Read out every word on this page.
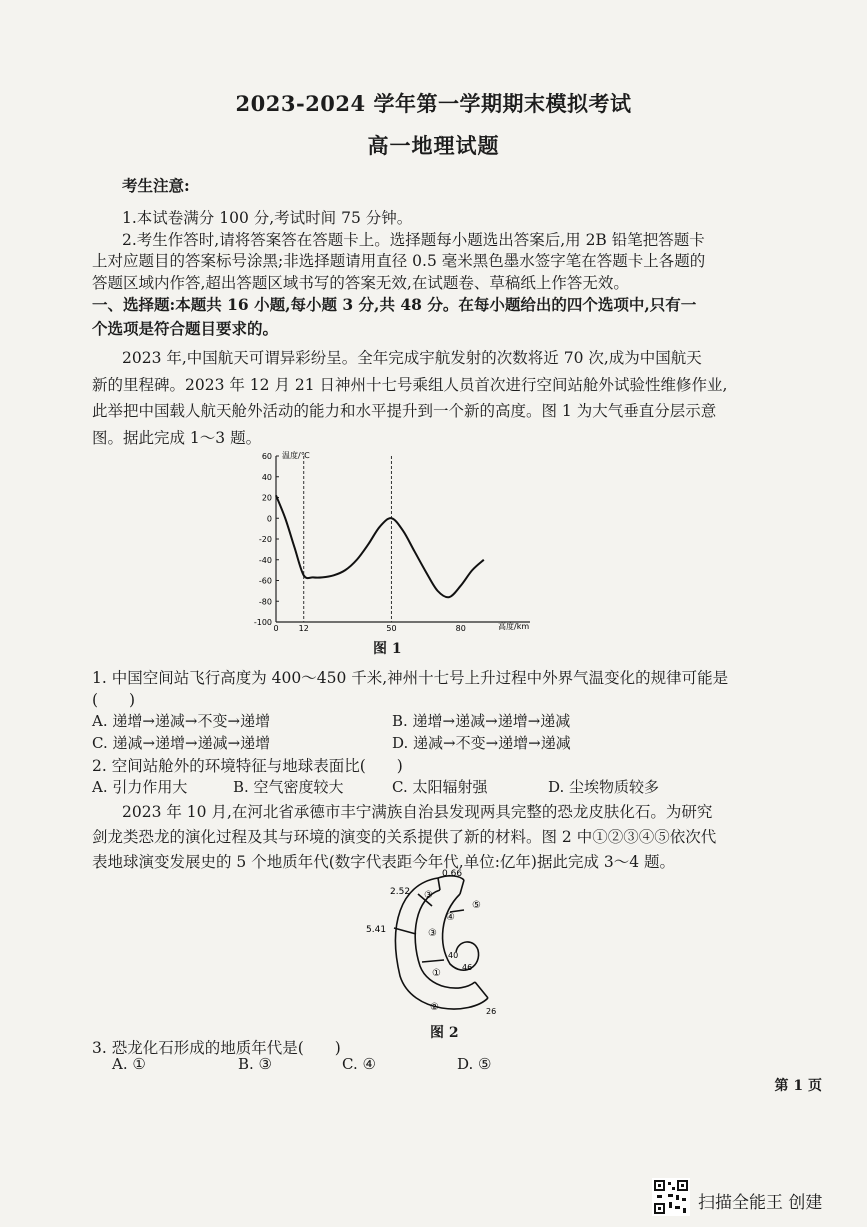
2023-2024 学年第一学期期末模拟考试
高一地理试题
考生注意:
1.本试卷满分 100 分,考试时间 75 分钟。
2.考生作答时,请将答案答在答题卡上。选择题每小题选出答案后,用 2B 铅笔把答题卡
上对应题目的答案标号涂黑;非选择题请用直径 0.5 毫米黑色墨水签字笔在答题卡上各题的
答题区域内作答,超出答题区域书写的答案无效,在试题卷、草稿纸上作答无效。
一、选择题:本题共 16 小题,每小题 3 分,共 48 分。在每小题给出的四个选项中,只有一
个选项是符合题目要求的。
2023 年,中国航天可谓异彩纷呈。全年完成宇航发射的次数将近 70 次,成为中国航天
新的里程碑。2023 年 12 月 21 日神州十七号乘组人员首次进行空间站舱外试验性维修作业,
此举把中国载人航天舱外活动的能力和水平提升到一个新的高度。图 1 为大气垂直分层示意
图。据此完成 1～3 题。
60
40
20
0
-20
-40
-60
-80
-100
0	12	50	80
温度/℃
高度/km
图 1
1. 中国空间站飞行高度为 400～450 千米,神州十七号上升过程中外界气温变化的规律可能是
(　　)
A. 递增→递减→不变→递增	B. 递增→递减→递增→递减
C. 递减→递增→递减→递增	D. 递减→不变→递增→递减
2. 空间站舱外的环境特征与地球表面比(　　)
A. 引力作用大	B. 空气密度较大	C. 太阳辐射强	D. 尘埃物质较多
2023 年 10 月,在河北省承德市丰宁满族自治县发现两具完整的恐龙皮肤化石。为研究
剑龙类恐龙的演化过程及其与环境的演变的关系提供了新的材料。图 2 中①②③④⑤依次代
表地球演变发展史的 5 个地质年代(数字代表距今年代,单位:亿年)据此完成 3～4 题。
0.66
2.52
5.41
40
46
26
⑤
④
③
③
①
②
图 2
3. 恐龙化石形成的地质年代是(　　)
A. ①	B. ③	C. ④	D. ⑤
第 1 页
扫描全能王 创建
